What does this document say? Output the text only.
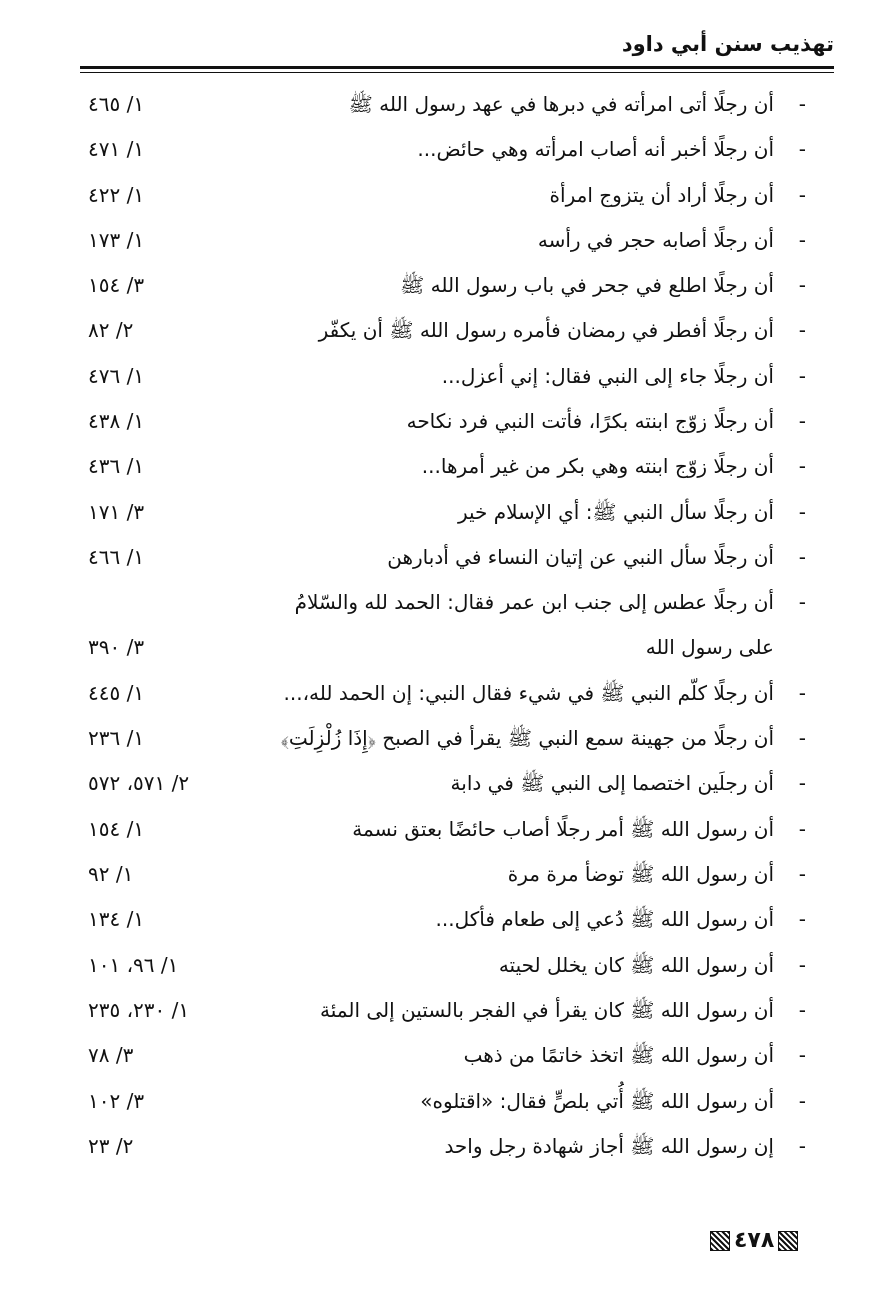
تهذيب سنن أبي داود
-
أن رجلًا أتى امرأته في دبرها في عهد رسول الله ﷺ
١/ ٤٦٥
-
أن رجلًا أخبر أنه أصاب امرأته وهي حائض...
١/ ٤٧١
-
أن رجلًا أراد أن يتزوج امرأة
١/ ٤٢٢
-
أن رجلًا أصابه حجر في رأسه
١/ ١٧٣
-
أن رجلًا اطلع في جحر في باب رسول الله ﷺ
٣/ ١٥٤
-
أن رجلًا أفطر في رمضان فأمره رسول الله ﷺ أن يكفّر
٢/ ٨٢
-
أن رجلًا جاء إلى النبي فقال: إني أعزل...
١/ ٤٧٦
-
أن رجلًا زوّج ابنته بكرًا، فأتت النبي فرد نكاحه
١/ ٤٣٨
-
أن رجلًا زوّج ابنته وهي بكر من غير أمرها...
١/ ٤٣٦
-
أن رجلًا سأل النبي ﷺ: أي الإسلام خير
٣/ ١٧١
-
أن رجلًا سأل النبي عن إتيان النساء في أدبارهن
١/ ٤٦٦
-
أن رجلًا عطس إلى جنب ابن عمر فقال: الحمد لله والسّلامُ
على رسول الله
٣/ ٣٩٠
-
أن رجلًا كلّم النبي ﷺ في شيء فقال النبي: إن الحمد لله،...
١/ ٤٤٥
-
أن رجلًا من جهينة سمع النبي ﷺ يقرأ في الصبح ﴿إِذَا زُلْزِلَتِ﴾
١/ ٢٣٦
-
أن رجلَين اختصما إلى النبي ﷺ في دابة
٢/ ٥٧١، ٥٧٢
-
أن رسول الله ﷺ أمر رجلًا أصاب حائضًا بعتق نسمة
١/ ١٥٤
-
أن رسول الله ﷺ توضأ مرة مرة
١/ ٩٢
-
أن رسول الله ﷺ دُعي إلى طعام فأكل...
١/ ١٣٤
-
أن رسول الله ﷺ كان يخلل لحيته
١/ ٩٦، ١٠١
-
أن رسول الله ﷺ كان يقرأ في الفجر بالستين إلى المئة
١/ ٢٣٠، ٢٣٥
-
أن رسول الله ﷺ اتخذ خاتمًا من ذهب
٣/ ٧٨
-
أن رسول الله ﷺ أُتي بلصٍّ فقال: «اقتلوه»
٣/ ١٠٢
-
إن رسول الله ﷺ أجاز شهادة رجل واحد
٢/ ٢٣
٤٧٨
